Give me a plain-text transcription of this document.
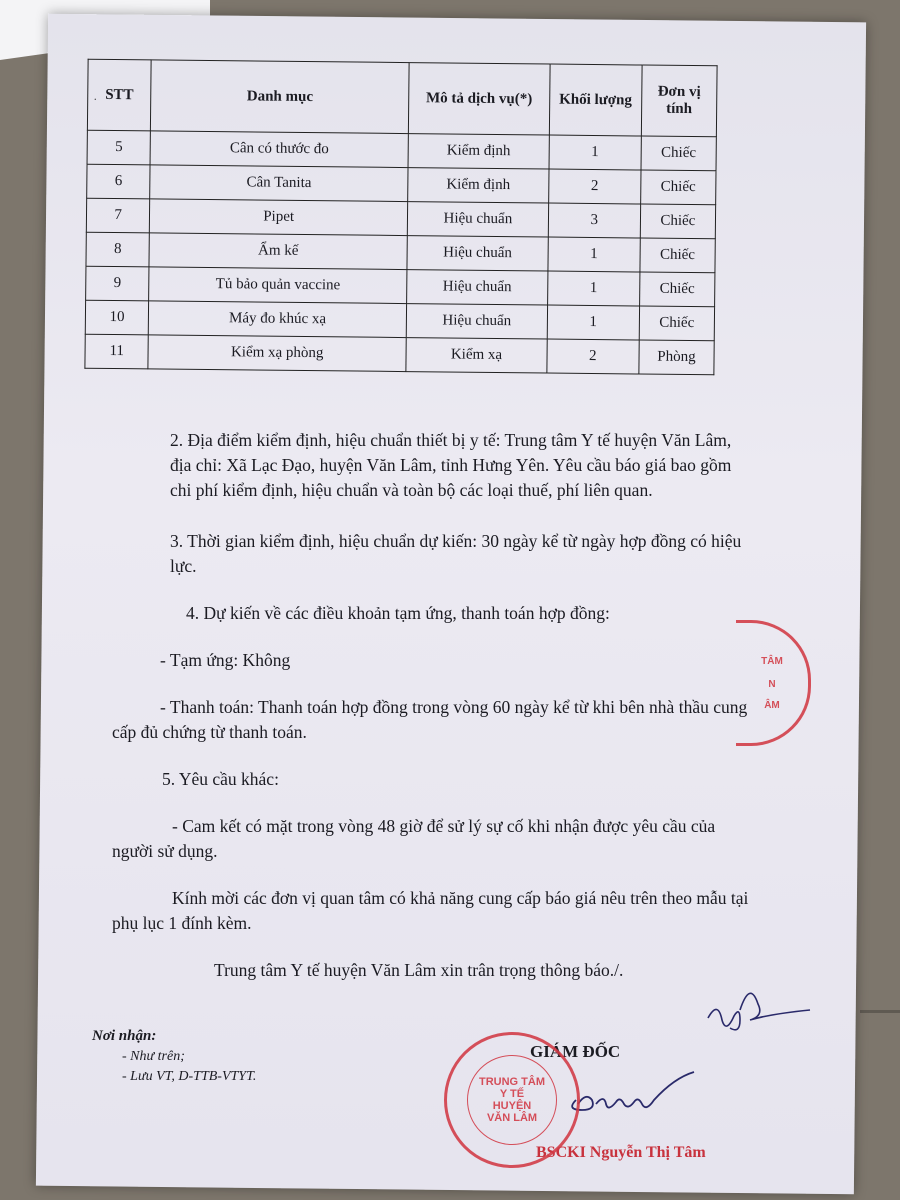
· STT	Danh mục	Mô tả dịch vụ(*)	Khối lượng	Đơn vị tính
5	Cân có thước đo	Kiểm định	1	Chiếc
6	Cân Tanita	Kiểm định	2	Chiếc
7	Pipet	Hiệu chuẩn	3	Chiếc
8	Ẩm kế	Hiệu chuẩn	1	Chiếc
9	Tủ bảo quản vaccine	Hiệu chuẩn	1	Chiếc
10	Máy đo khúc xạ	Hiệu chuẩn	1	Chiếc
11	Kiểm xạ phòng	Kiểm xạ	2	Phòng

2. Địa điểm kiểm định, hiệu chuẩn thiết bị y tế: Trung tâm Y tế huyện Văn Lâm, địa chỉ: Xã Lạc Đạo, huyện Văn Lâm, tỉnh Hưng Yên. Yêu cầu báo giá bao gồm chi phí kiểm định, hiệu chuẩn và toàn bộ các loại thuế, phí liên quan.

3. Thời gian kiểm định, hiệu chuẩn dự kiến: 30 ngày kể từ ngày hợp đồng có hiệu lực.

4. Dự kiến về các điều khoản tạm ứng, thanh toán hợp đồng:

- Tạm ứng: Không

- Thanh toán: Thanh toán hợp đồng trong vòng 60 ngày kể từ khi bên nhà thầu cung cấp đủ chứng từ thanh toán.

5. Yêu cầu khác:

- Cam kết có mặt trong vòng 48 giờ để sử lý sự cố khi nhận được yêu cầu của người sử dụng.

Kính mời các đơn vị quan tâm có khả năng cung cấp báo giá nêu trên theo mẫu tại phụ lục 1 đính kèm.

Trung tâm Y tế huyện Văn Lâm xin trân trọng thông báo./.

Nơi nhận:
- Như trên;
- Lưu VT, D-TTB-VTYT.
GIÁM ĐỐC
BSCKI Nguyễn Thị Tâm
TRUNG TÂM
Y TẾ
HUYỆN
VĂN LÂM
TÂM
N
ÂM
